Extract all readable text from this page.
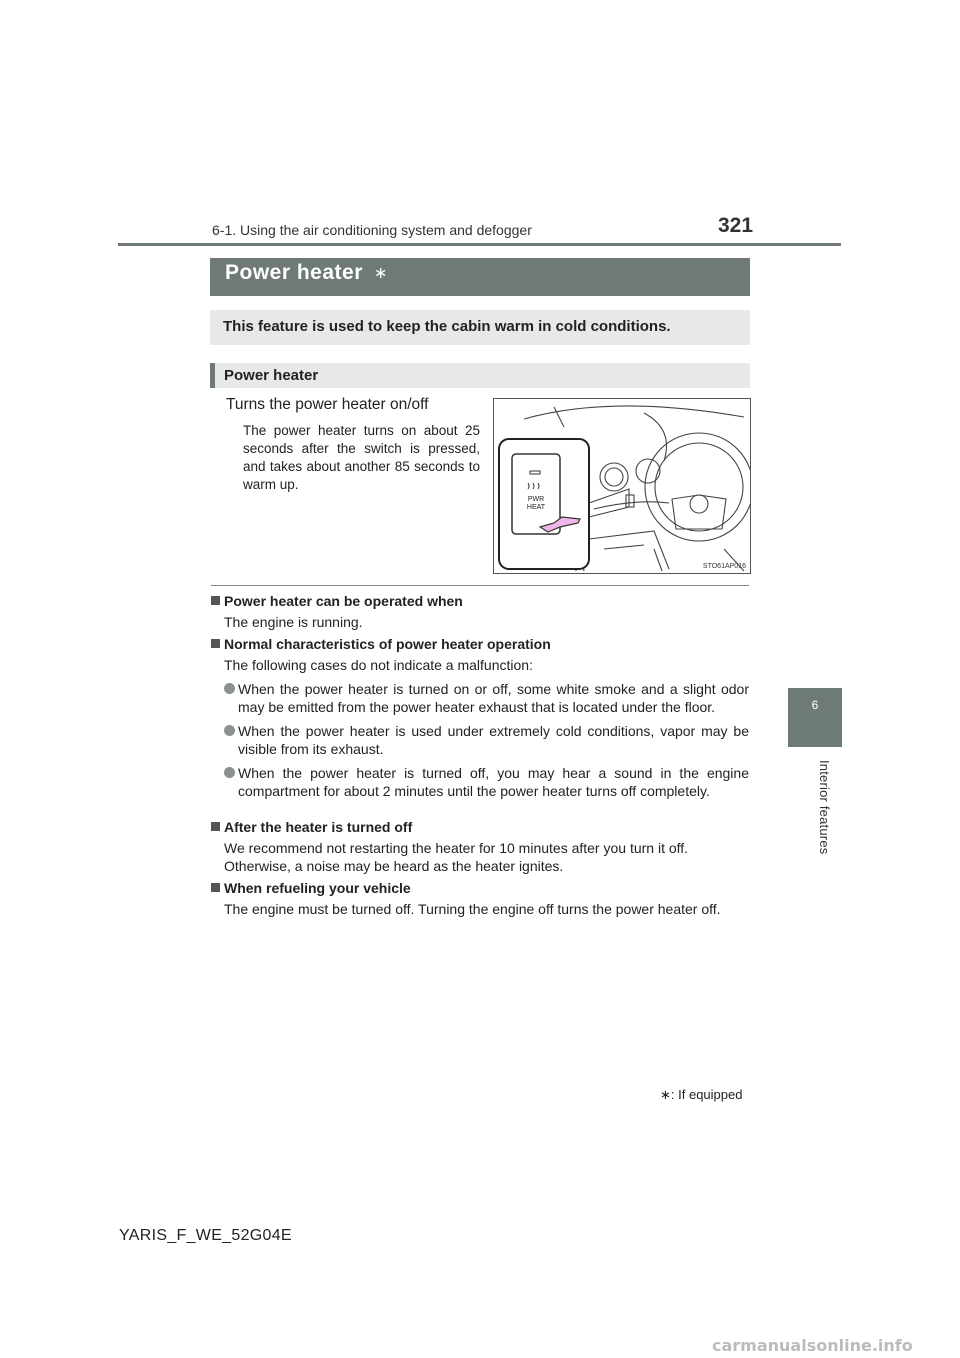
6-1. Using the air conditioning system and defogger	321
6
Interior features
Power heater ∗
This feature is used to keep the cabin warm in cold conditions.
Power heater
Turns the power heater on/off
The power heater turns on about 25 seconds after the switch is pressed, and takes about another 85 seconds to warm up.
PWR
HEAT
STO61AP016
Power heater can be operated when

The engine is running.

Normal characteristics of power heater operation

The following cases do not indicate a malfunction:

When the power heater is turned on or off, some white smoke and a slight odor may be emitted from the power heater exhaust that is located under the floor.
When the power heater is used under extremely cold conditions, vapor may be visible from its exhaust.
When the power heater is turned off, you may hear a sound in the engine compartment for about 2 minutes until the power heater turns off completely.
After the heater is turned off

We recommend not restarting the heater for 10 minutes after you turn it off. Otherwise, a noise may be heard as the heater ignites.

When refueling your vehicle

The engine must be turned off. Turning the engine off turns the power heater off.

∗: If equipped
YARIS_F_WE_52G04E
carmanualsonline.info
